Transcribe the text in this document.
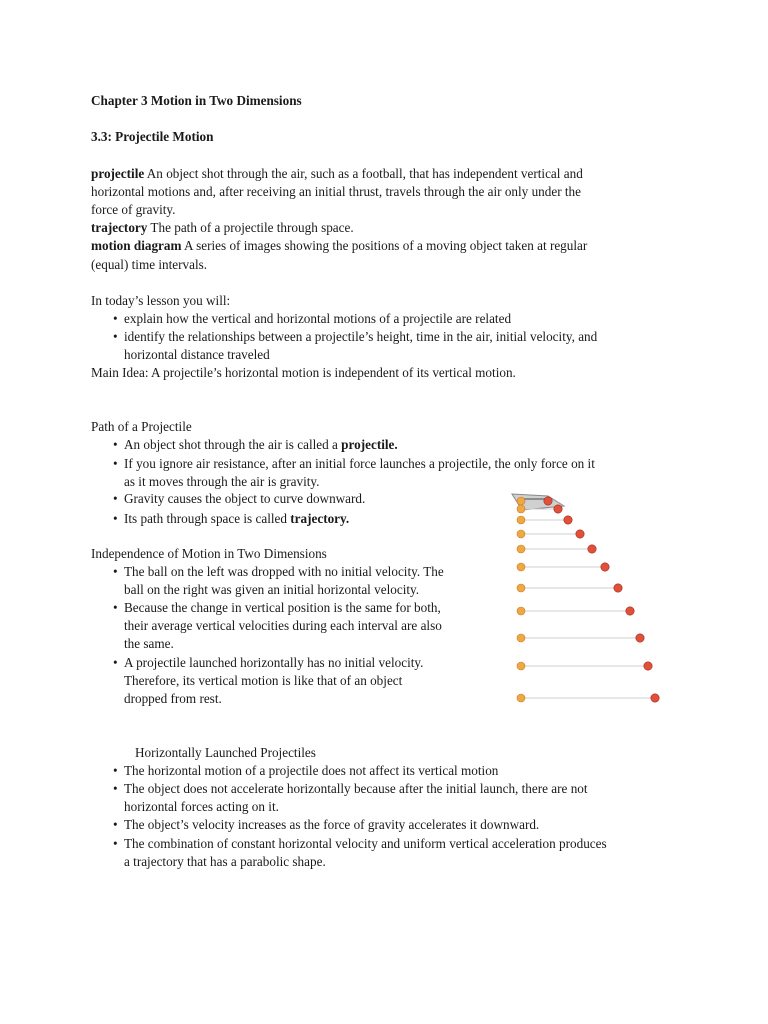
Chapter 3 Motion in Two Dimensions
3.3: Projectile Motion
projectile An object shot through the air, such as a football, that has independent vertical and
horizontal motions and, after receiving an initial thrust, travels through the air only under the
force of gravity.
trajectory The path of a projectile through space.
motion diagram A series of images showing the positions of a moving object taken at regular
(equal) time intervals.
In today’s lesson you will:
• explain how the vertical and horizontal motions of a projectile are related
• identify the relationships between a projectile’s height, time in the air, initial velocity, and
horizontal distance traveled
Main Idea: A projectile’s horizontal motion is independent of its vertical motion.
Path of a Projectile
• An object shot through the air is called a projectile.
• If you ignore air resistance, after an initial force launches a projectile, the only force on it
as it moves through the air is gravity.
• Gravity causes the object to curve downward.
• Its path through space is called trajectory.
Independence of Motion in Two Dimensions
• The ball on the left was dropped with no initial velocity. The
ball on the right was given an initial horizontal velocity.
• Because the change in vertical position is the same for both,
their average vertical velocities during each interval are also
the same.
• A projectile launched horizontally has no initial velocity.
Therefore, its vertical motion is like that of an object
dropped from rest.
Horizontally Launched Projectiles
• The horizontal motion of a projectile does not affect its vertical motion
• The object does not accelerate horizontally because after the initial launch, there are not
horizontal forces acting on it.
• The object’s velocity increases as the force of gravity accelerates it downward.
• The combination of constant horizontal velocity and uniform vertical acceleration produces
a trajectory that has a parabolic shape.
